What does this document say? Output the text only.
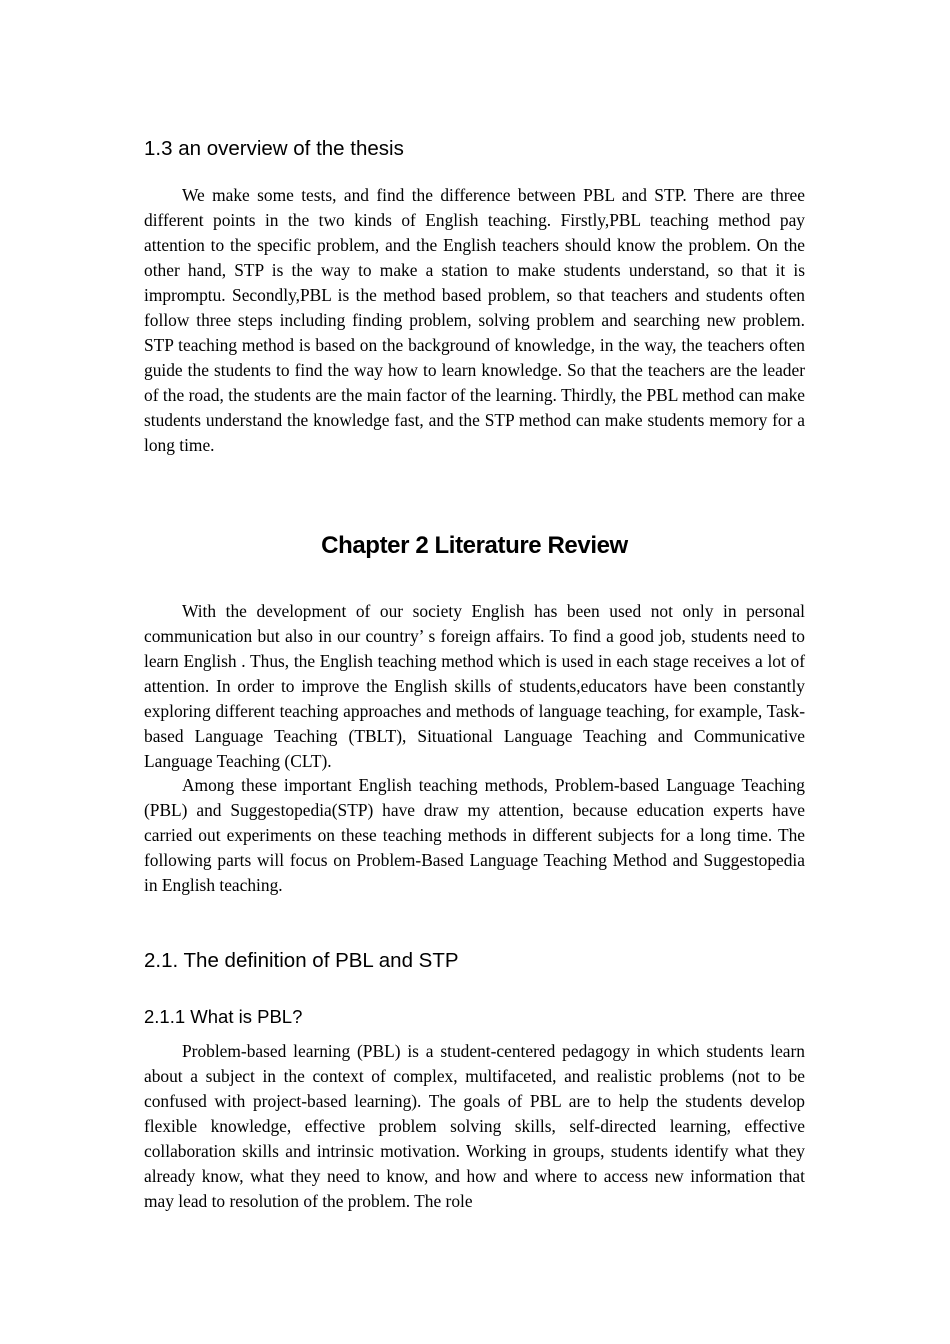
1.3 an overview of the thesis

We make some tests, and find the difference between PBL and STP. There are three different points in the two kinds of English teaching. Firstly,PBL teaching method pay attention to the specific problem, and the English teachers should know the problem. On the other hand, STP is the way to make a station to make students understand, so that it is impromptu. Secondly,PBL is the method based problem, so that teachers and students often follow three steps including finding problem, solving problem and searching new problem. STP teaching method is based on the background of knowledge, in the way, the teachers often guide the students to find the way how to learn knowledge. So that the teachers are the leader of the road, the students are the main factor of the learning. Thirdly, the PBL method can make students understand the knowledge fast, and the STP method can make students memory for a long time.

Chapter 2 Literature Review

With the development of our society English has been used not only in personal communication but also in our country’ s foreign affairs. To find a good job, students need to learn English . Thus, the English teaching method which is used in each stage receives a lot of attention. In order to improve the English skills of students,educators have been constantly exploring different teaching approaches and methods of language teaching, for example, Task-based Language Teaching (TBLT), Situational Language Teaching and Communicative Language Teaching (CLT).

Among these important English teaching methods, Problem-based Language Teaching (PBL) and Suggestopedia(STP) have draw my attention, because education experts have carried out experiments on these teaching methods in different subjects for a long time. The following parts will focus on Problem-Based Language Teaching Method and Suggestopedia in English teaching.

2.1. The definition of PBL and STP
2.1.1 What is PBL?

Problem-based learning (PBL) is a student-centered pedagogy in which students learn about a subject in the context of complex, multifaceted, and realistic problems (not to be confused with project-based learning). The goals of PBL are to help the students develop flexible knowledge, effective problem solving skills, self-directed learning, effective collaboration skills and intrinsic motivation. Working in groups, students identify what they already know, what they need to know, and how and where to access new information that may lead to resolution of the problem. The role
